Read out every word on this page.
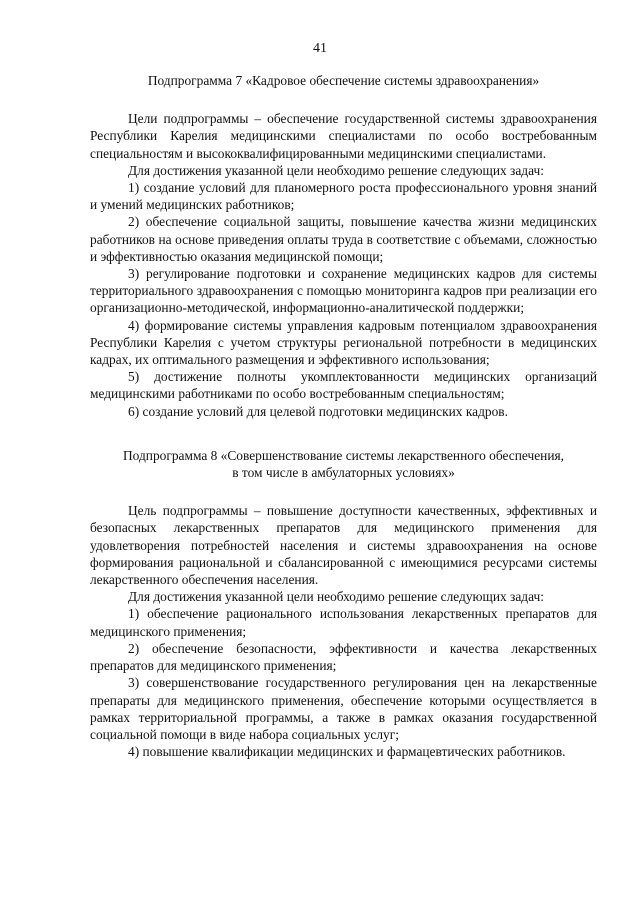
41
Подпрограмма 7 «Кадровое обеспечение системы здравоохранения»

Цели подпрограммы – обеспечение государственной системы здравоохранения Республики Карелия медицинскими специалистами по особо востребованным специальностям и высококвалифицированными медицинскими специалистами.

Для достижения указанной цели необходимо решение следующих задач:

1) создание условий для планомерного роста профессионального уровня знаний и умений медицинских работников;

2) обеспечение социальной защиты, повышение качества жизни медицинских работников на основе приведения оплаты труда в соответствие с объемами, сложностью и эффективностью оказания медицинской помощи;

3) регулирование подготовки и сохранение медицинских кадров для системы территориального здравоохранения с помощью мониторинга кадров при реализации его организационно-методической, информационно-аналитической поддержки;

4) формирование системы управления кадровым потенциалом здравоохранения Республики Карелия с учетом структуры региональной потребности в медицинских кадрах, их оптимального размещения и эффективного использования;

5) достижение полноты укомплектованности медицинских организаций медицинскими работниками по особо востребованным специальностям;

6) создание условий для целевой подготовки медицинских кадров.

Подпрограмма 8 «Совершенствование системы лекарственного обеспечения,
в том числе в амбулаторных условиях»

Цель подпрограммы – повышение доступности качественных, эффективных и безопасных лекарственных препаратов для медицинского применения для удовлетворения потребностей населения и системы здравоохранения на основе формирования рациональной и сбалансированной с имеющимися ресурсами системы лекарственного обеспечения населения.

Для достижения указанной цели необходимо решение следующих задач:

1) обеспечение рационального использования лекарственных препаратов для медицинского применения;

2) обеспечение безопасности, эффективности и качества лекарственных препаратов для медицинского применения;

3) совершенствование государственного регулирования цен на лекарственные препараты для медицинского применения, обеспечение которыми осуществляется в рамках территориальной программы, а также в рамках оказания государственной социальной помощи в виде набора социальных услуг;

4) повышение квалификации медицинских и фармацевтических работников.
